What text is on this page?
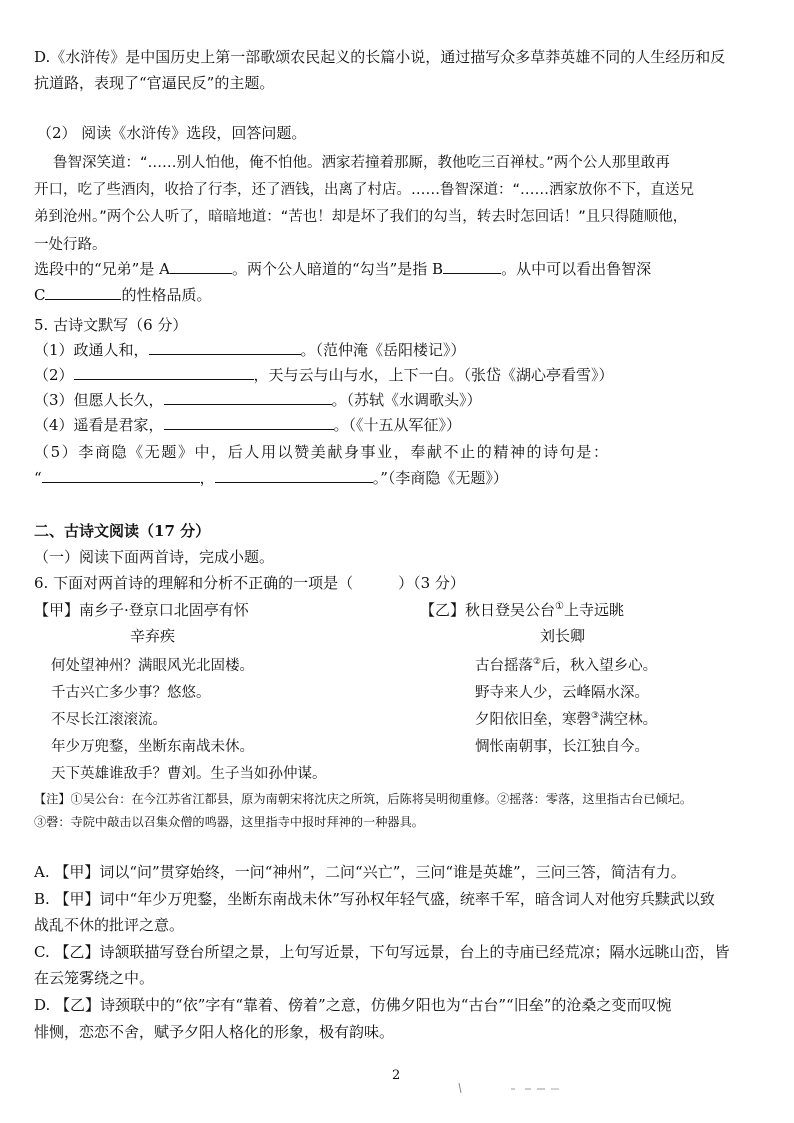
D.《水浒传》是中国历史上第一部歌颂农民起义的长篇小说，通过描写众多草莽英雄不同的人生经历和反
抗道路，表现了“官逼民反”的主题。
（2） 阅读《水浒传》选段，回答问题。
鲁智深笑道：“……别人怕他，俺不怕他。洒家若撞着那厮，教他吃三百禅杖。”两个公人那里敢再
开口，吃了些酒肉，收拾了行李，还了酒钱，出离了村店。……鲁智深道：“……洒家放你不下，直送兄
弟到沧州。”两个公人听了，暗暗地道：“苦也！却是坏了我们的勾当，转去时怎回话！”且只得随顺他，
一处行路。
选段中的“兄弟”是 A	。两个公人暗道的“勾当”是指 B	。从中可以看出鲁智深
C	的性格品质。
5. 古诗文默写（6 分）
（1）政通人和，	。（范仲淹《岳阳楼记》）
（2）	，天与云与山与水，上下一白。（张岱《湖心亭看雪》）
（3）但愿人长久，	。（苏轼《水调歌头》）
（4）遥看是君家，	。（《十五从军征》）
（5）李商隐《无题》中，后人用以赞美献身事业，奉献不止的精神的诗句是：
“	，	。”（李商隐《无题》）
二、古诗文阅读（17 分）
（一）阅读下面两首诗，完成小题。
6. 下面对两首诗的理解和分析不正确的一项是（　　　）（3 分）
【甲】南乡子·登京口北固亭有怀
辛弃疾
何处望神州？满眼风光北固楼。
千古兴亡多少事？悠悠。
不尽长江滚滚流。
年少万兜鍪，坐断东南战未休。
天下英雄谁敌手？曹刘。生子当如孙仲谋。
【乙】秋日登吴公台①上寺远眺
刘长卿
古台摇落②后，秋入望乡心。
野寺来人少，云峰隔水深。
夕阳依旧垒，寒磬③满空林。
惆怅南朝事，长江独自今。
【注】①吴公台：在今江苏省江都县，原为南朝宋将沈庆之所筑，后陈将吴明彻重修。②摇落：零落，这里指古台已倾圮。
③磬：寺院中敲击以召集众僧的鸣器，这里指寺中报时拜神的一种器具。
A. 【甲】词以“问”贯穿始终，一问“神州”，二问“兴亡”，三问“谁是英雄”，三问三答，简洁有力。
B. 【甲】词中“年少万兜鍪，坐断东南战未休”写孙权年轻气盛，统率千军，暗含词人对他穷兵黩武以致
战乱不休的批评之意。
C. 【乙】诗颔联描写登台所望之景，上句写近景，下句写远景，台上的寺庙已经荒凉；隔水远眺山峦，皆
在云笼雾绕之中。
D. 【乙】诗颈联中的“依”字有“靠着、傍着”之意，仿佛夕阳也为“古台”“旧垒”的沧桑之变而叹惋
悱恻，恋恋不舍，赋予夕阳人格化的形象，极有韵味。
2
